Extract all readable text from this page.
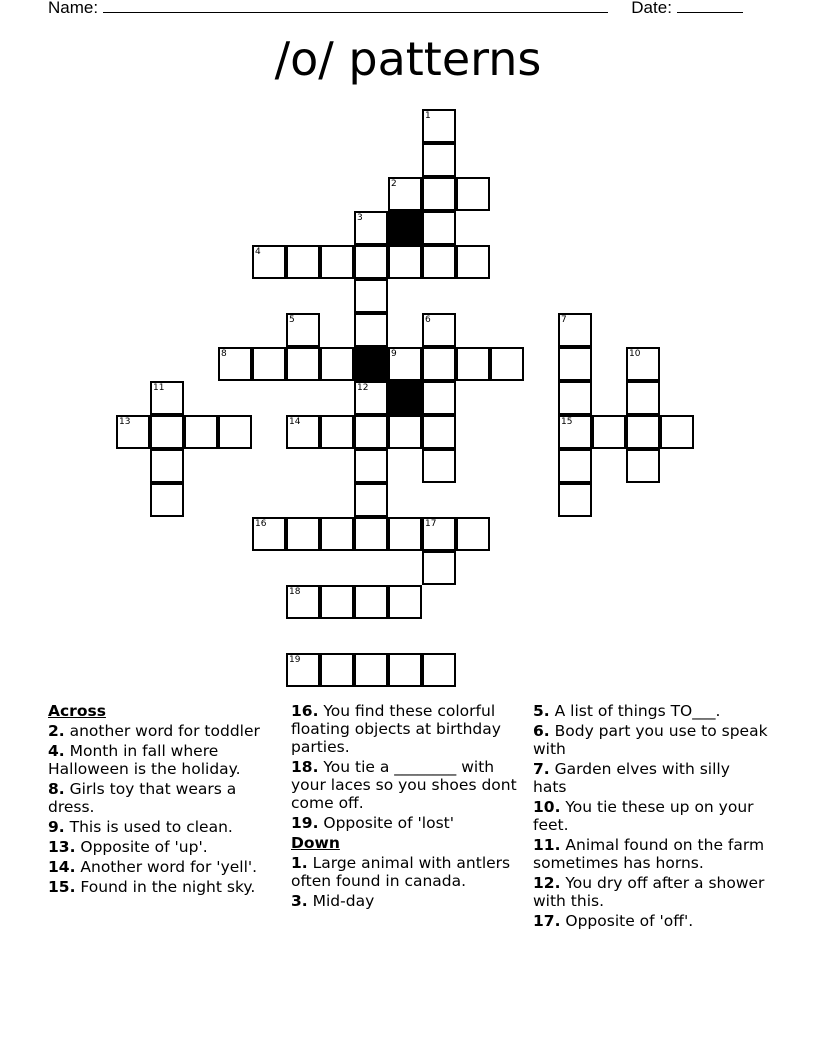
Name:	Date:
/o/ patterns
1
2
3
4
5	6	7
8	9	10
11	12
13	14	15
16	17
18
19
Across
2. another word for toddler
4. Month in fall where Halloween is the holiday.
8. Girls toy that wears a dress.
9. This is used to clean.
13. Opposite of 'up'.
14. Another word for 'yell'.
15. Found in the night sky.
16. You find these colorful floating objects at birthday parties.
18. You tie a ________ with your laces so you shoes dont come off.
19. Opposite of 'lost'
Down
1. Large animal with antlers often found in canada.
3. Mid-day
5. A list of things TO___.
6. Body part you use to speak with
7. Garden elves with silly hats
10. You tie these up on your feet.
11. Animal found on the farm sometimes has horns.
12. You dry off after a shower with this.
17. Opposite of 'off'.
